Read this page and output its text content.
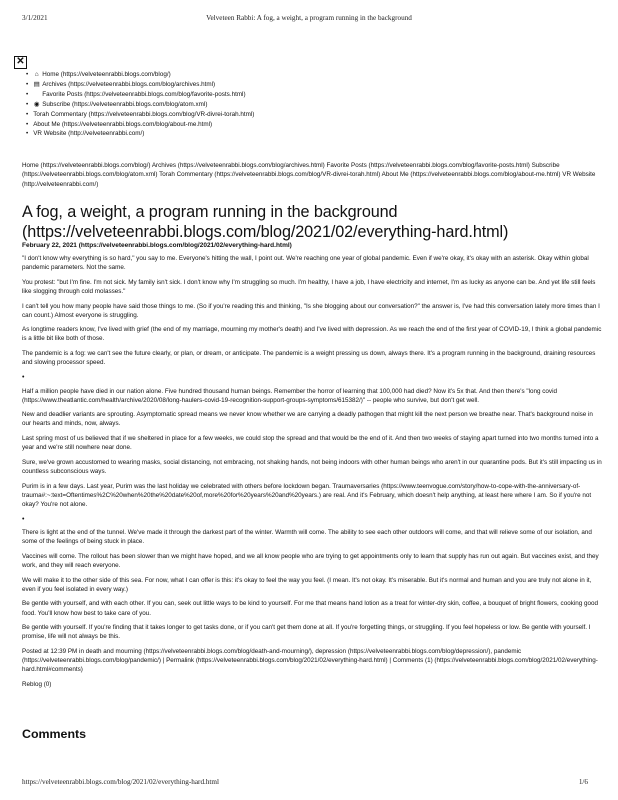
3/1/2021	Velveteen Rabbi: A fog, a weight, a program running in the background
✕
• ⌂ Home (https://velveteenrabbi.blogs.com/blog/)
• ▤ Archives (https://velveteenrabbi.blogs.com/blog/archives.html)
• Favorite Posts (https://velveteenrabbi.blogs.com/blog/favorite-posts.html)
• ◉ Subscribe (https://velveteenrabbi.blogs.com/blog/atom.xml)
• Torah Commentary (https://velveteenrabbi.blogs.com/blog/VR-divrei-torah.html)
• About Me (https://velveteenrabbi.blogs.com/blog/about-me.html)
• VR Website (http://velveteenrabbi.com/)
Home (https://velveteenrabbi.blogs.com/blog/) Archives (https://velveteenrabbi.blogs.com/blog/archives.html) Favorite Posts (https://velveteenrabbi.blogs.com/blog/favorite-posts.html) Subscribe (https://velveteenrabbi.blogs.com/blog/atom.xml) Torah Commentary (https://velveteenrabbi.blogs.com/blog/VR-divrei-torah.html) About Me (https://velveteenrabbi.blogs.com/blog/about-me.html) VR Website (http://velveteenrabbi.com/)
A fog, a weight, a program running in the background (https://velveteenrabbi.blogs.com/blog/2021/02/everything-hard.html)
February 22, 2021 (https://velveteenrabbi.blogs.com/blog/2021/02/everything-hard.html)

"I don't know why everything is so hard," you say to me. Everyone's hitting the wall, I point out. We're reaching one year of global pandemic. Even if we're okay, it's okay with an asterisk. Okay within global pandemic parameters. Not the same.

You protest: "but I'm fine. I'm not sick. My family isn't sick. I don't know why I'm struggling so much. I'm healthy, I have a job, I have electricity and internet, I'm as lucky as anyone can be. And yet life still feels like slogging through cold molasses."

I can't tell you how many people have said those things to me. (So if you're reading this and thinking, "Is she blogging about our conversation?" the answer is, I've had this conversation lately more times than I can count.) Almost everyone is struggling.

As longtime readers know, I've lived with grief (the end of my marriage, mourning my mother's death) and I've lived with depression. As we reach the end of the first year of COVID-19, I think a global pandemic is a little bit like both of those.

The pandemic is a fog: we can't see the future clearly, or plan, or dream, or anticipate. The pandemic is a weight pressing us down, always there. It's a program running in the background, draining resources and slowing processor speed.

•

Half a million people have died in our nation alone. Five hundred thousand human beings. Remember the horror of learning that 100,000 had died? Now it's 5x that. And then there's "long covid (https://www.theatlantic.com/health/archive/2020/08/long-haulers-covid-19-recognition-support-groups-symptoms/615382/)" -- people who survive, but don't get well.

New and deadlier variants are sprouting. Asymptomatic spread means we never know whether we are carrying a deadly pathogen that might kill the next person we breathe near. That's background noise in our hearts and minds, now, always.

Last spring most of us believed that if we sheltered in place for a few weeks, we could stop the spread and that would be the end of it. And then two weeks of staying apart turned into two months turned into a year and we're still nowhere near done.

Sure, we've grown accustomed to wearing masks, social distancing, not embracing, not shaking hands, not being indoors with other human beings who aren't in our quarantine pods. But it's still impacting us in countless subconscious ways.

Purim is in a few days. Last year, Purim was the last holiday we celebrated with others before lockdown began. Traumaversaries (https://www.teenvogue.com/story/how-to-cope-with-the-anniversary-of-trauma#:~:text=Oftentimes%2C%20when%20the%20date%20of,more%20for%20years%20and%20years.) are real. And it's February, which doesn't help anything, at least here where I am. So if you're not okay? You're not alone.

•

There is light at the end of the tunnel. We've made it through the darkest part of the winter. Warmth will come. The ability to see each other outdoors will come, and that will relieve some of our isolation, and some of the feelings of being stuck in place.

Vaccines will come. The rollout has been slower than we might have hoped, and we all know people who are trying to get appointments only to learn that supply has run out again. But vaccines exist, and they work, and they will reach everyone.

We will make it to the other side of this sea. For now, what I can offer is this: it's okay to feel the way you feel. (I mean. It's not okay. It's miserable. But it's normal and human and you are truly not alone in it, even if you feel isolated in every way.)

Be gentle with yourself, and with each other. If you can, seek out little ways to be kind to yourself. For me that means hand lotion as a treat for winter-dry skin, coffee, a bouquet of bright flowers, cooking good food. You'll know how best to take care of you.

Be gentle with yourself. If you're finding that it takes longer to get tasks done, or if you can't get them done at all. If you're forgetting things, or struggling. If you feel hopeless or low. Be gentle with yourself. I promise, life will not always be this.

Posted at 12:39 PM in death and mourning (https://velveteenrabbi.blogs.com/blog/death-and-mourning/), depression (https://velveteenrabbi.blogs.com/blog/depression/), pandemic (https://velveteenrabbi.blogs.com/blog/pandemic/) | Permalink (https://velveteenrabbi.blogs.com/blog/2021/02/everything-hard.html) | Comments (1) (https://velveteenrabbi.blogs.com/blog/2021/02/everything-hard.html#comments)

Reblog (0)

Comments
https://velveteenrabbi.blogs.com/blog/2021/02/everything-hard.html	1/6
